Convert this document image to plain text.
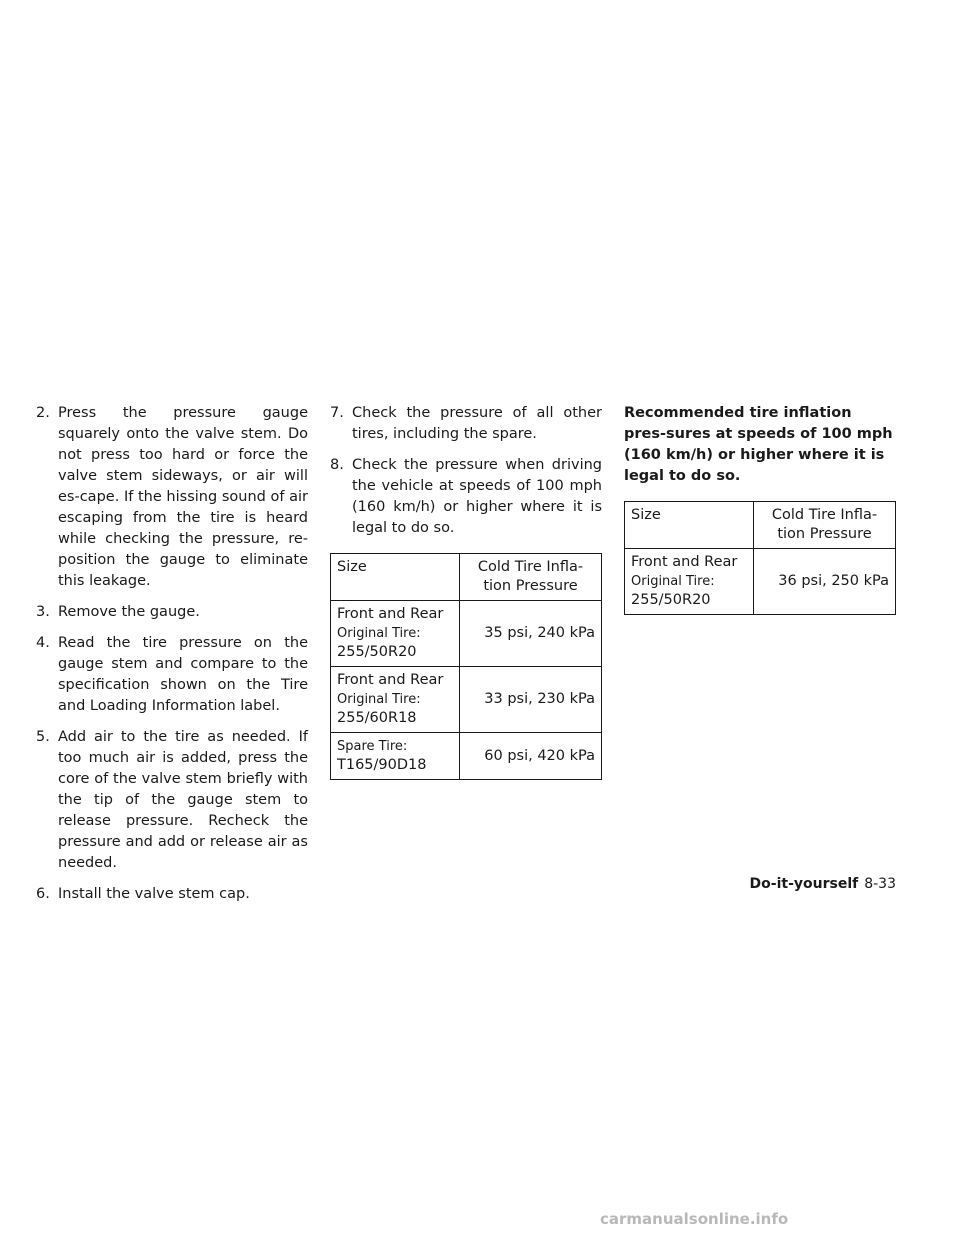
2. Press the pressure gauge squarely onto the valve stem. Do not press too hard or force the valve stem sideways, or air will es-cape. If the hissing sound of air escaping from the tire is heard while checking the pressure, re-position the gauge to eliminate this leakage.
3. Remove the gauge.
4. Read the tire pressure on the gauge stem and compare to the specification shown on the Tire and Loading Information label.
5. Add air to the tire as needed. If too much air is added, press the core of the valve stem briefly with the tip of the gauge stem to release pressure. Recheck the pressure and add or release air as needed.
6. Install the valve stem cap.
7. Check the pressure of all other tires, including the spare.
8. Check the pressure when driving the vehicle at speeds of 100 mph (160 km/h) or higher where it is legal to do so.
Size	Cold Tire Infla-tion Pressure

Front and Rear
Original Tire:
255/50R20	35 psi, 240 kPa

Front and Rear
Original Tire:
255/60R18	33 psi, 230 kPa

Spare Tire:
T165/90D18	60 psi, 420 kPa
Recommended tire inflation pres-sures at speeds of 100 mph (160 km/h) or higher where it is legal to do so.
Size	Cold Tire Infla-tion Pressure

Front and Rear
Original Tire:
255/50R20	36 psi, 250 kPa
Do-it-yourself 8-33
carmanualsonline.info
